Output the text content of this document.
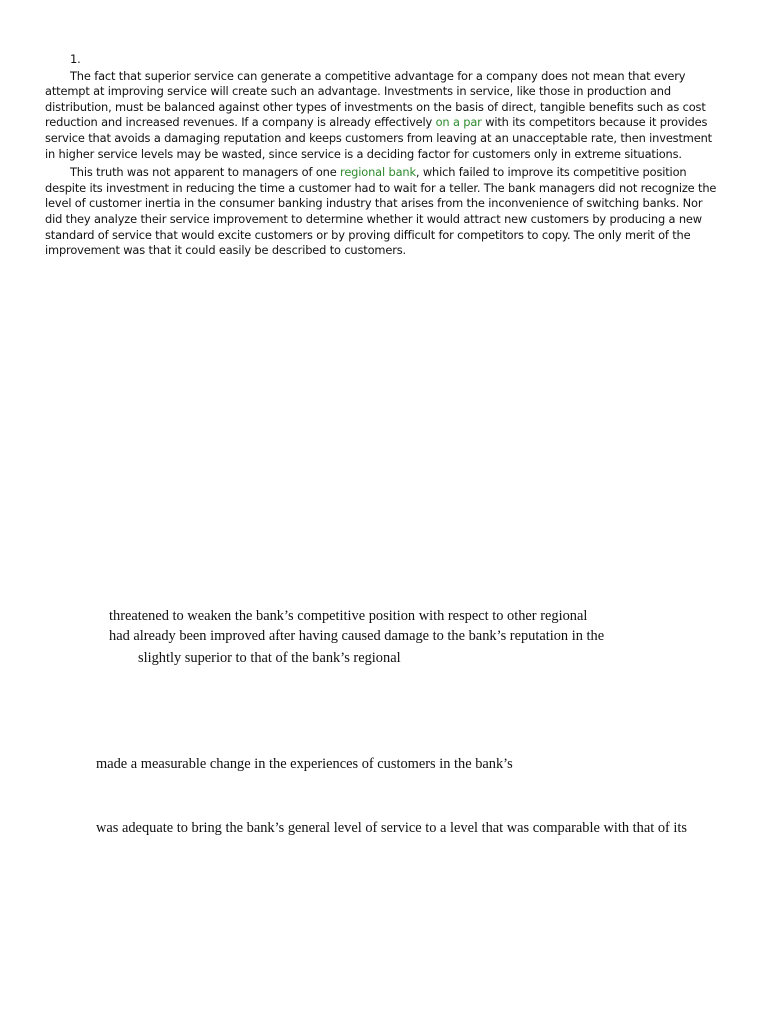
1.

The fact that superior service can generate a competitive advantage for a company does not mean that every attempt at improving service will create such an advantage. Investments in service, like those in production and distribution, must be balanced against other types of investments on the basis of direct, tangible benefits such as cost reduction and increased revenues. If a company is already effectively on a par with its competitors because it provides service that avoids a damaging reputation and keeps customers from leaving at an unacceptable rate, then investment in higher service levels may be wasted, since service is a deciding factor for customers only in extreme situations.

This truth was not apparent to managers of one regional bank, which failed to improve its competitive position despite its investment in reducing the time a customer had to wait for a teller. The bank managers did not recognize the level of customer inertia in the consumer banking industry that arises from the inconvenience of switching banks. Nor did they analyze their service improvement to determine whether it would attract new customers by producing a new standard of service that would excite customers or by proving difficult for competitors to copy. The only merit of the improvement was that it could easily be described to customers.

threatened to weaken the bank’s competitive position with respect to other regional
had already been improved after having caused damage to the bank’s reputation in the
slightly superior to that of the bank’s regional
made a measurable change in the experiences of customers in the bank’s
was adequate to bring the bank’s general level of service to a level that was comparable with that of its
